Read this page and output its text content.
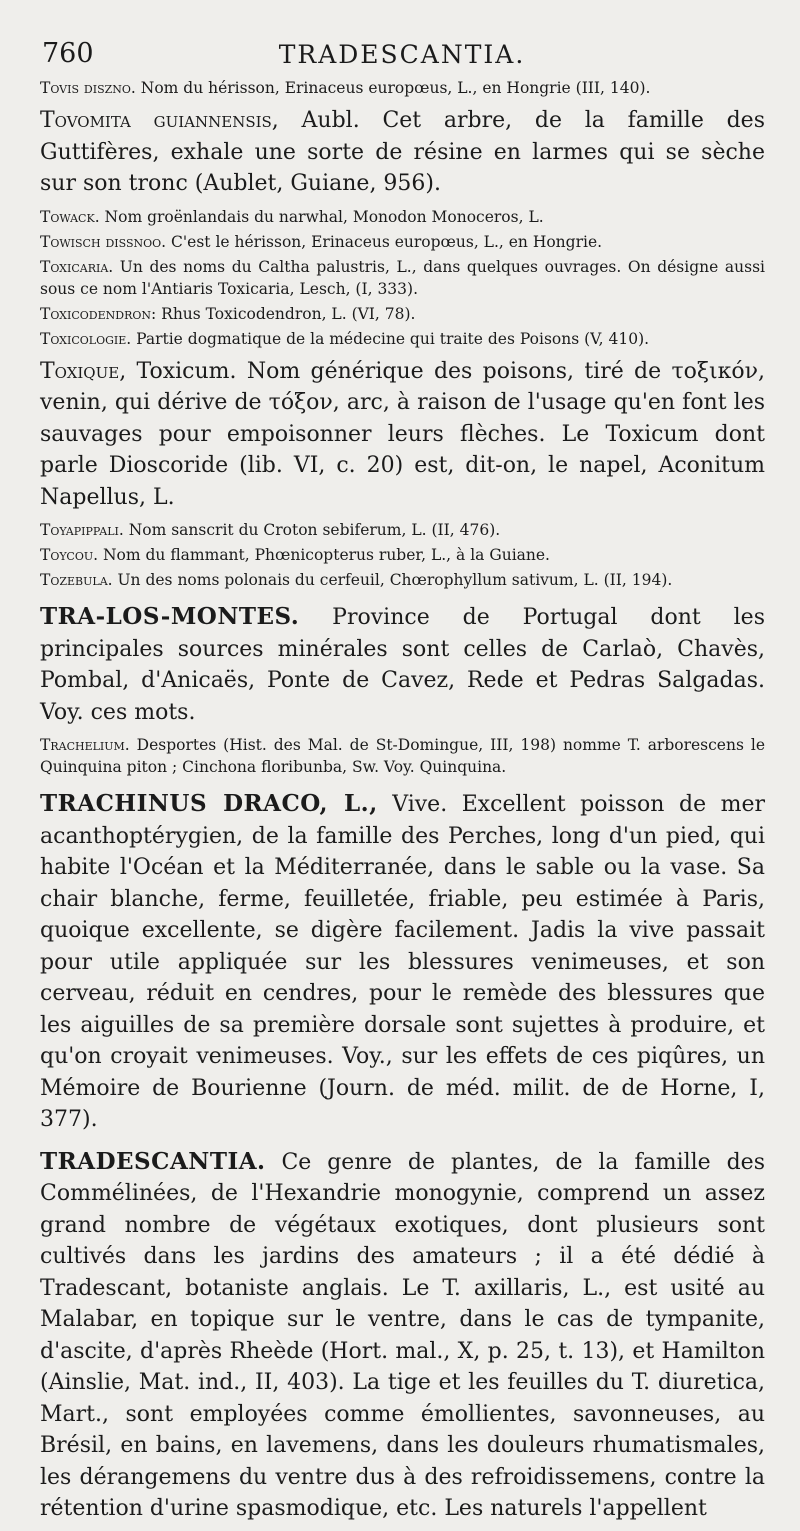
760	TRADESCANTIA.

Tovis diszno. Nom du hérisson, Erinaceus europœus, L., en Hongrie (III, 140).

Tovomita guiannensis, Aubl. Cet arbre, de la famille des Guttifères, exhale une sorte de résine en larmes qui se sèche sur son tronc (Aublet, Guiane, 956).

Towack. Nom groënlandais du narwhal, Monodon Monoceros, L.

Towisch dissnoo. C'est le hérisson, Erinaceus europœus, L., en Hongrie.

Toxicaria. Un des noms du Caltha palustris, L., dans quelques ouvrages. On désigne aussi sous ce nom l'Antiaris Toxicaria, Lesch, (I, 333).

Toxicodendron: Rhus Toxicodendron, L. (VI, 78).

Toxicologie. Partie dogmatique de la médecine qui traite des Poisons (V, 410).

Toxique, Toxicum. Nom générique des poisons, tiré de τοξικόν, venin, qui dérive de τόξον, arc, à raison de l'usage qu'en font les sauvages pour empoisonner leurs flèches. Le Toxicum dont parle Dioscoride (lib. VI, c. 20) est, dit-on, le napel, Aconitum Napellus, L.

Toyapippali. Nom sanscrit du Croton sebiferum, L. (II, 476).

Toycou. Nom du flammant, Phœnicopterus ruber, L., à la Guiane.

Tozebula. Un des noms polonais du cerfeuil, Chœrophyllum sativum, L. (II, 194).

TRA-LOS-MONTES. Province de Portugal dont les principales sources minérales sont celles de Carlaò, Chavès, Pombal, d'Anicaës, Ponte de Cavez, Rede et Pedras Salgadas. Voy. ces mots.

Trachelium. Desportes (Hist. des Mal. de St-Domingue, III, 198) nomme T. arborescens le Quinquina piton ; Cinchona floribunba, Sw. Voy. Quinquina.

TRACHINUS DRACO, L., Vive. Excellent poisson de mer acanthoptérygien, de la famille des Perches, long d'un pied, qui habite l'Océan et la Méditerranée, dans le sable ou la vase. Sa chair blanche, ferme, feuilletée, friable, peu estimée à Paris, quoique excellente, se digère facilement. Jadis la vive passait pour utile appliquée sur les blessures venimeuses, et son cerveau, réduit en cendres, pour le remède des blessures que les aiguilles de sa première dorsale sont sujettes à produire, et qu'on croyait venimeuses. Voy., sur les effets de ces piqûres, un Mémoire de Bourienne (Journ. de méd. milit. de de Horne, I, 377).

TRADESCANTIA. Ce genre de plantes, de la famille des Commélinées, de l'Hexandrie monogynie, comprend un assez grand nombre de végétaux exotiques, dont plusieurs sont cultivés dans les jardins des amateurs ; il a été dédié à Tradescant, botaniste anglais. Le T. axillaris, L., est usité au Malabar, en topique sur le ventre, dans le cas de tympanite, d'ascite, d'après Rheède (Hort. mal., X, p. 25, t. 13), et Hamilton (Ainslie, Mat. ind., II, 403). La tige et les feuilles du T. diuretica, Mart., sont employées comme émollientes, savonneuses, au Brésil, en bains, en lavemens, dans les douleurs rhumatismales, les dérangemens du ventre dus à des refroidissemens, contre la rétention d'urine spasmodique, etc. Les naturels l'appellent
